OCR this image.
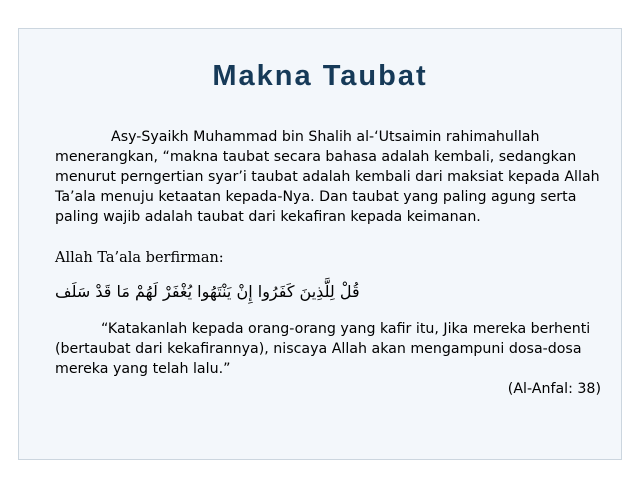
Makna Taubat

Asy-Syaikh Muhammad bin Shalih al-‘Utsaimin rahimahullah menerangkan, “makna taubat secara bahasa adalah kembali, sedangkan menurut perngertian syar’i taubat adalah kembali dari maksiat kepada Allah Ta’ala menuju ketaatan kepada-Nya. Dan taubat yang paling agung serta paling wajib adalah taubat dari kekafiran kepada keimanan.

Allah Ta’ala berfirman:

قُلْ لِلَّذِينَ كَفَرُوا إِنْ يَنْتَهُوا يُغْفَرْ لَهُمْ مَا قَدْ سَلَف

“Katakanlah kepada orang-orang yang kafir itu, Jika mereka berhenti (bertaubat dari kekafirannya), niscaya Allah akan mengampuni dosa-dosa mereka yang telah lalu.”

(Al-Anfal: 38)
